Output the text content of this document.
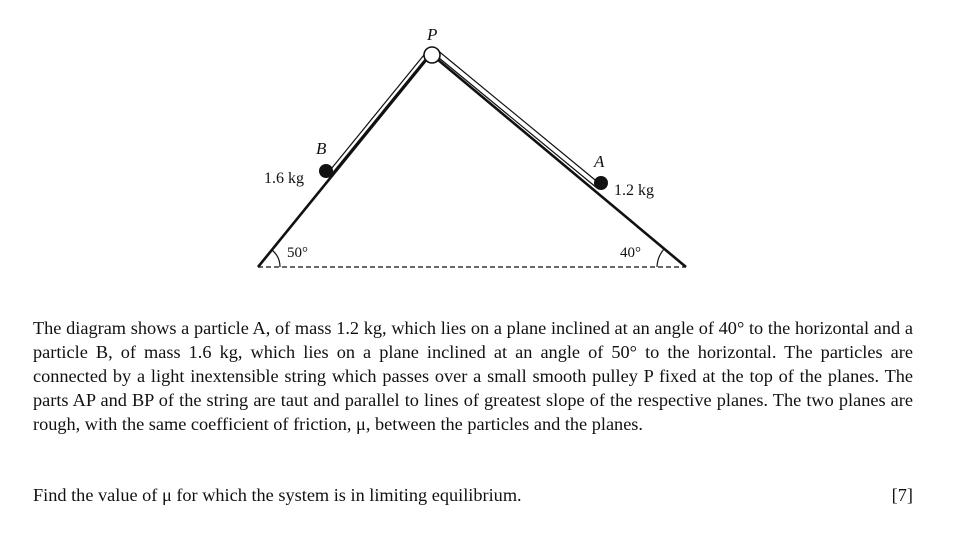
P
B
A
1.6 kg
1.2 kg
50°	40°

The diagram shows a particle A, of mass 1.2 kg, which lies on a plane inclined at an angle of 40° to the horizontal and a particle B, of mass 1.6 kg, which lies on a plane inclined at an angle of 50° to the horizontal. The particles are connected by a light inextensible string which passes over a small smooth pulley P fixed at the top of the planes. The parts AP and BP of the string are taut and parallel to lines of greatest slope of the respective planes. The two planes are rough, with the same coefficient of friction, μ, between the particles and the planes.

Find the value of μ for which the system is in limiting equilibrium.	[7]
